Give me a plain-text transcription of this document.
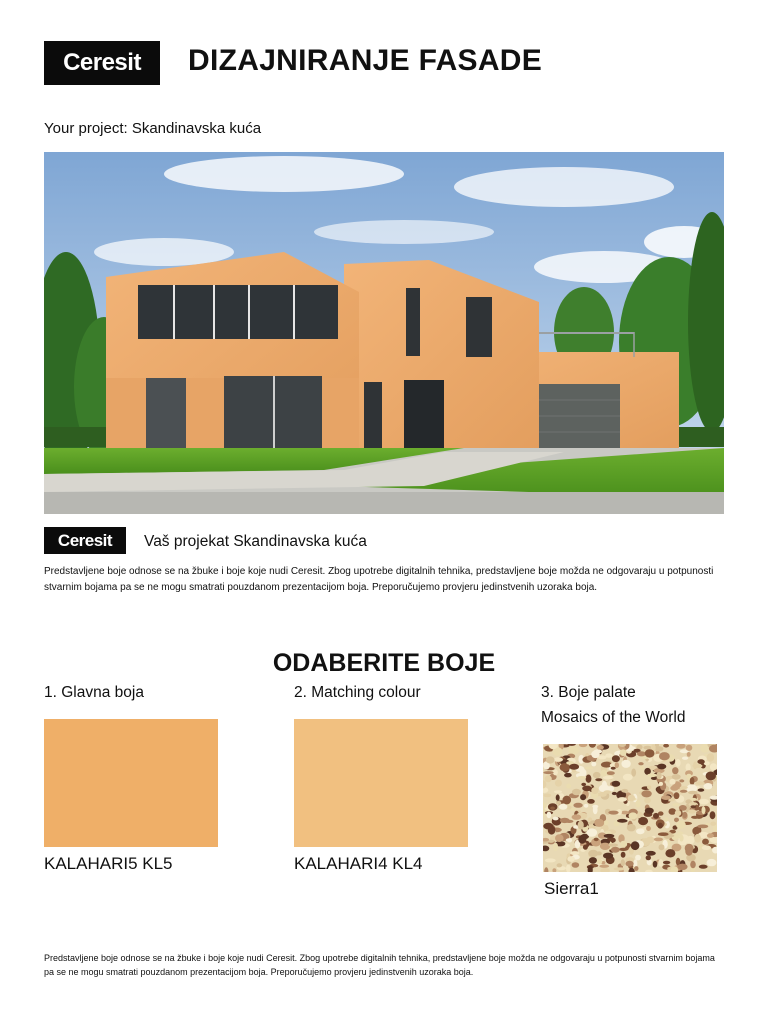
Ceresit	DIZAJNIRANJE FASADE
Your project: Skandinavska kuća
Ceresit	Vaš projekat Skandinavska kuća
Predstavljene boje odnose se na žbuke i boje koje nudi Ceresit. Zbog upotrebe digitalnih tehnika, predstavljene boje možda ne odgovaraju u potpunosti stvarnim bojama pa se ne mogu smatrati pouzdanom prezentacijom boja. Preporučujemo provjeru jedinstvenih uzoraka boja.
ODABERITE BOJE
1. Glavna boja
KALAHARI5 KL5
2. Matching colour
KALAHARI4 KL4
3. Boje palate
Mosaics of the World
Sierra1
Predstavljene boje odnose se na žbuke i boje koje nudi Ceresit. Zbog upotrebe digitalnih tehnika, predstavljene boje možda ne odgovaraju u potpunosti stvarnim bojama pa se ne mogu smatrati pouzdanom prezentacijom boja. Preporučujemo provjeru jedinstvenih uzoraka boja.
